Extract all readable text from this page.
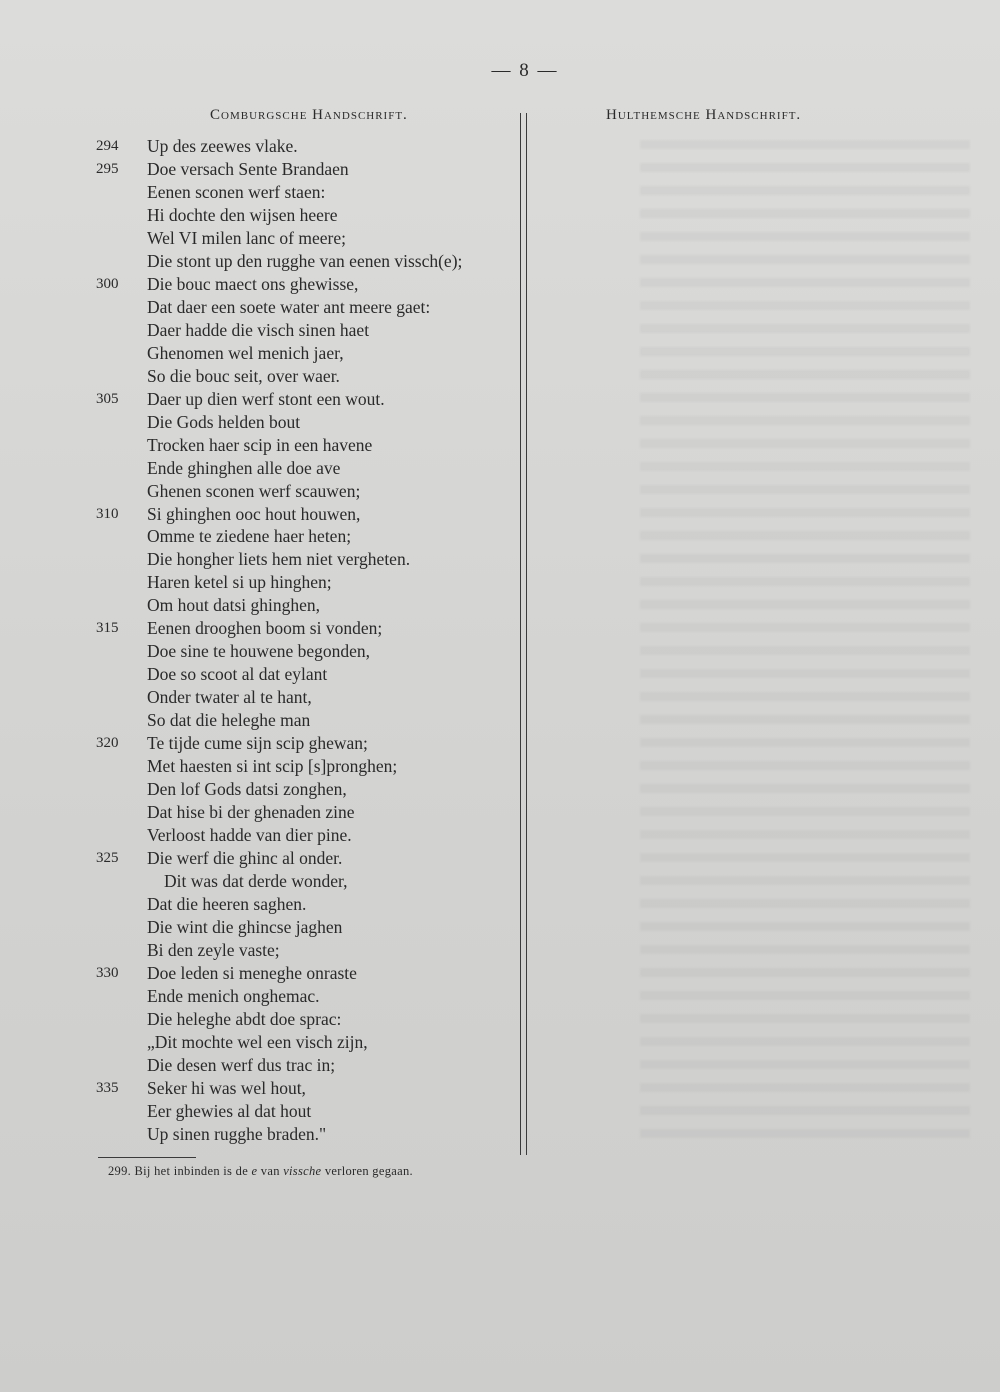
— 8 —
Comburgsche Handschrift.	Hulthemsche Handschrift.
294	Up des zeewes vlake.
295	Doe versach Sente Brandaen
Eenen sconen werf staen:
Hi dochte den wijsen heere
Wel VI milen lanc of meere;
Die stont up den rugghe van eenen vissch(e);
300	Die bouc maect ons ghewisse,
Dat daer een soete water ant meere gaet:
Daer hadde die visch sinen haet
Ghenomen wel menich jaer,
So die bouc seit, over waer.
305	Daer up dien werf stont een wout.
Die Gods helden bout
Trocken haer scip in een havene
Ende ghinghen alle doe ave
Ghenen sconen werf scauwen;
310	Si ghinghen ooc hout houwen,
Omme te ziedene haer heten;
Die hongher liets hem niet vergheten.
Haren ketel si up hinghen;
Om hout datsi ghinghen,
315	Eenen drooghen boom si vonden;
Doe sine te houwene begonden,
Doe so scoot al dat eylant
Onder twater al te hant,
So dat die heleghe man
320	Te tijde cume sijn scip ghewan;
Met haesten si int scip [s]pronghen;
Den lof Gods datsi zonghen,
Dat hise bi der ghenaden zine
Verloost hadde van dier pine.
325	Die werf die ghinc al onder.
Dit was dat derde wonder,
Dat die heeren saghen.
Die wint die ghincse jaghen
Bi den zeyle vaste;
330	Doe leden si meneghe onraste
Ende menich onghemac.
Die heleghe abdt doe sprac:
„Dit mochte wel een visch zijn,
Die desen werf dus trac in;
335	Seker hi was wel hout,
Eer ghewies al dat hout
Up sinen rugghe braden."
299. Bij het inbinden is de e van vissche verloren gegaan.
